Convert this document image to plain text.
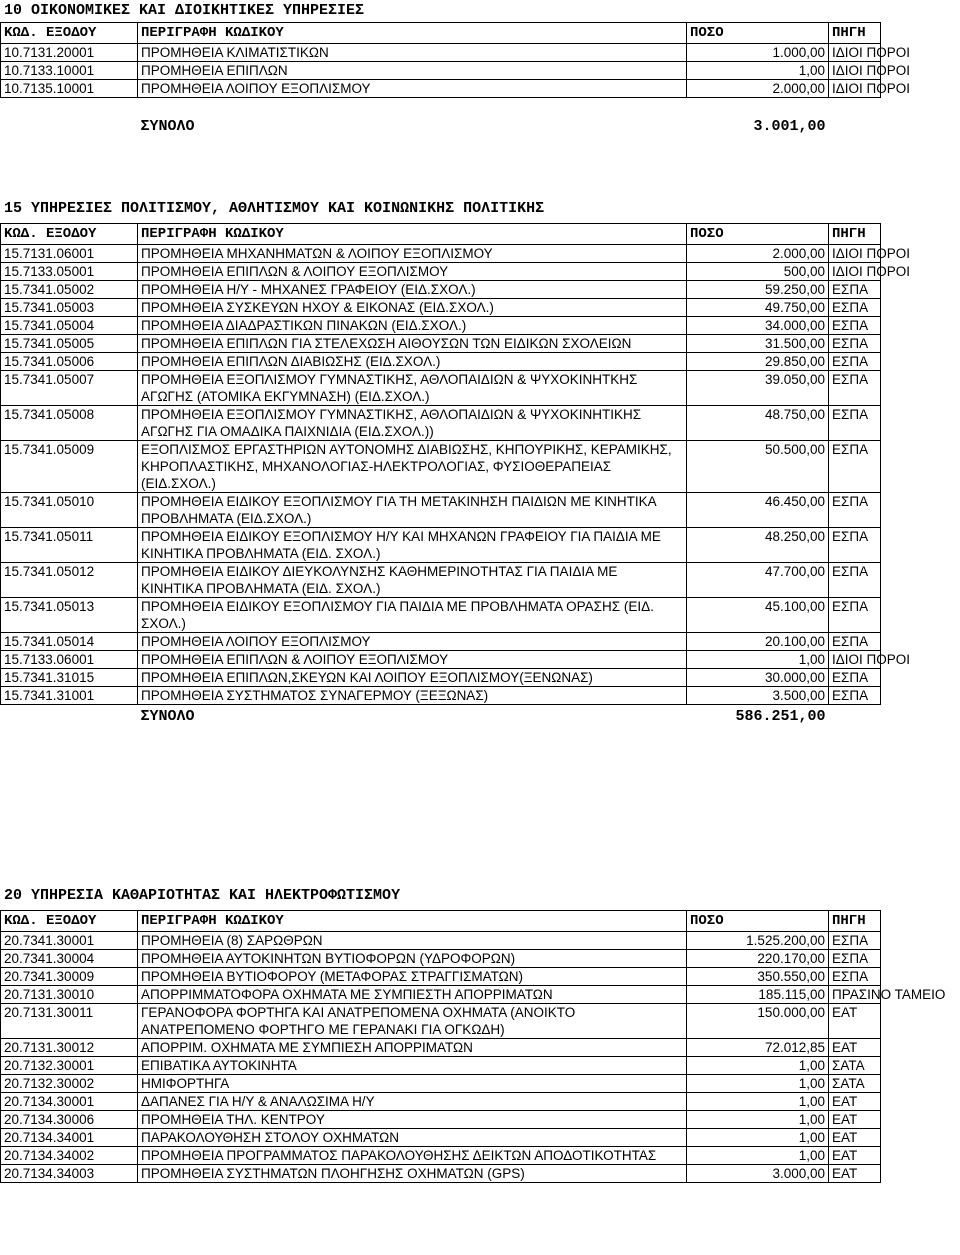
10 ΟΙΚΟΝΟΜΙΚΕΣ ΚΑΙ ΔΙΟΙΚΗΤΙΚΕΣ ΥΠΗΡΕΣΙΕΣ
ΚΩΔ. ΕΞΟΔΟΥ	ΠΕΡΙΓΡΑΦΗ ΚΩΔΙΚΟΥ	ΠΟΣΟ	ΠΗΓΗ
10.7131.20001	ΠΡΟΜΗΘΕΙΑ ΚΛΙΜΑΤΙΣΤΙΚΩΝ	1.000,00	ΙΔΙΟΙ ΠΟΡΟΙ
10.7133.10001	ΠΡΟΜΗΘΕΙΑ ΕΠΙΠΛΩΝ	1,00	ΙΔΙΟΙ ΠΟΡΟΙ
10.7135.10001	ΠΡΟΜΗΘΕΙΑ ΛΟΙΠΟΥ ΕΞΟΠΛΙΣΜΟΥ	2.000,00	ΙΔΙΟΙ ΠΟΡΟΙ

	ΣΥΝΟΛΟ	3.001,00	
15 ΥΠΗΡΕΣΙΕΣ ΠΟΛΙΤΙΣΜΟΥ, ΑΘΛΗΤΙΣΜΟΥ ΚΑΙ ΚΟΙΝΩΝΙΚΗΣ ΠΟΛΙΤΙΚΗΣ
ΚΩΔ. ΕΞΟΔΟΥ	ΠΕΡΙΓΡΑΦΗ ΚΩΔΙΚΟΥ	ΠΟΣΟ	ΠΗΓΗ
15.7131.06001	ΠΡΟΜΗΘΕΙΑ ΜΗΧΑΝΗΜΑΤΩΝ & ΛΟΙΠΟΥ ΕΞΟΠΛΙΣΜΟΥ	2.000,00	ΙΔΙΟΙ ΠΟΡΟΙ
15.7133.05001	ΠΡΟΜΗΘΕΙΑ ΕΠΙΠΛΩΝ & ΛΟΙΠΟΥ ΕΞΟΠΛΙΣΜΟΥ	500,00	ΙΔΙΟΙ ΠΟΡΟΙ
15.7341.05002	ΠΡΟΜΗΘΕΙΑ Η/Υ - ΜΗΧΑΝΕΣ ΓΡΑΦΕΙΟΥ (ΕΙΔ.ΣΧΟΛ.)	59.250,00	ΕΣΠΑ
15.7341.05003	ΠΡΟΜΗΘΕΙΑ ΣΥΣΚΕΥΩΝ ΗΧΟΥ & ΕΙΚΟΝΑΣ (ΕΙΔ.ΣΧΟΛ.)	49.750,00	ΕΣΠΑ
15.7341.05004	ΠΡΟΜΗΘΕΙΑ ΔΙΑΔΡΑΣΤΙΚΩΝ ΠΙΝΑΚΩΝ (ΕΙΔ.ΣΧΟΛ.)	34.000,00	ΕΣΠΑ
15.7341.05005	ΠΡΟΜΗΘΕΙΑ ΕΠΙΠΛΩΝ ΓΙΑ ΣΤΕΛΕΧΩΣΗ ΑΙΘΟΥΣΩΝ ΤΩΝ ΕΙΔΙΚΩΝ ΣΧΟΛΕΙΩΝ	31.500,00	ΕΣΠΑ
15.7341.05006	ΠΡΟΜΗΘΕΙΑ ΕΠΙΠΛΩΝ ΔΙΑΒΙΩΣΗΣ (ΕΙΔ.ΣΧΟΛ.)	29.850,00	ΕΣΠΑ
15.7341.05007	ΠΡΟΜΗΘΕΙΑ ΕΞΟΠΛΙΣΜΟΥ ΓΥΜΝΑΣΤΙΚΗΣ, ΑΘΛΟΠΑΙΔΙΩΝ & ΨΥΧΟΚΙΝΗΤΚΗΣ ΑΓΩΓΗΣ (ΑΤΟΜΙΚΑ ΕΚΓΥΜΝΑΣΗ) (ΕΙΔ.ΣΧΟΛ.)	39.050,00	ΕΣΠΑ
15.7341.05008	ΠΡΟΜΗΘΕΙΑ ΕΞΟΠΛΙΣΜΟΥ ΓΥΜΝΑΣΤΙΚΗΣ, ΑΘΛΟΠΑΙΔΙΩΝ & ΨΥΧΟΚΙΝΗΤΙΚΗΣ ΑΓΩΓΗΣ ΓΙΑ ΟΜΑΔΙΚΑ ΠΑΙΧΝΙΔΙΑ (ΕΙΔ.ΣΧΟΛ.))	48.750,00	ΕΣΠΑ
15.7341.05009	ΕΞΟΠΛΙΣΜΟΣ ΕΡΓΑΣΤΗΡΙΩΝ ΑΥΤΟΝΟΜΗΣ ΔΙΑΒΙΩΣΗΣ, ΚΗΠΟΥΡΙΚΗΣ, ΚΕΡΑΜΙΚΗΣ, ΚΗΡΟΠΛΑΣΤΙΚΗΣ, ΜΗΧΑΝΟΛΟΓΙΑΣ-ΗΛΕΚΤΡΟΛΟΓΙΑΣ, ΦΥΣΙΟΘΕΡΑΠΕΙΑΣ (ΕΙΔ.ΣΧΟΛ.)	50.500,00	ΕΣΠΑ
15.7341.05010	ΠΡΟΜΗΘΕΙΑ ΕΙΔΙΚΟΥ ΕΞΟΠΛΙΣΜΟΥ ΓΙΑ ΤΗ ΜΕΤΑΚΙΝΗΣΗ ΠΑΙΔΙΩΝ ΜΕ ΚΙΝΗΤΙΚΑ ΠΡΟΒΛΗΜΑΤΑ (ΕΙΔ.ΣΧΟΛ.)	46.450,00	ΕΣΠΑ
15.7341.05011	ΠΡΟΜΗΘΕΙΑ ΕΙΔΙΚΟΥ ΕΞΟΠΛΙΣΜΟΥ Η/Υ ΚΑΙ ΜΗΧΑΝΩΝ ΓΡΑΦΕΙΟΥ ΓΙΑ ΠΑΙΔΙΑ ΜΕ ΚΙΝΗΤΙΚΑ ΠΡΟΒΛΗΜΑΤΑ (ΕΙΔ. ΣΧΟΛ.)	48.250,00	ΕΣΠΑ
15.7341.05012	ΠΡΟΜΗΘΕΙΑ ΕΙΔΙΚΟΥ ΔΙΕΥΚΟΛΥΝΣΗΣ ΚΑΘΗΜΕΡΙΝΟΤΗΤΑΣ ΓΙΑ ΠΑΙΔΙΑ ΜΕ ΚΙΝΗΤΙΚΑ ΠΡΟΒΛΗΜΑΤΑ (ΕΙΔ. ΣΧΟΛ.)	47.700,00	ΕΣΠΑ
15.7341.05013	ΠΡΟΜΗΘΕΙΑ ΕΙΔΙΚΟΥ ΕΞΟΠΛΙΣΜΟΥ ΓΙΑ ΠΑΙΔΙΑ ΜΕ ΠΡΟΒΛΗΜΑΤΑ ΟΡΑΣΗΣ (ΕΙΔ. ΣΧΟΛ.)	45.100,00	ΕΣΠΑ
15.7341.05014	ΠΡΟΜΗΘΕΙΑ ΛΟΙΠΟΥ ΕΞΟΠΛΙΣΜΟΥ	20.100,00	ΕΣΠΑ
15.7133.06001	ΠΡΟΜΗΘΕΙΑ ΕΠΙΠΛΩΝ & ΛΟΙΠΟΥ ΕΞΟΠΛΙΣΜΟΥ	1,00	ΙΔΙΟΙ ΠΟΡΟΙ
15.7341.31015	ΠΡΟΜΗΘΕΙΑ ΕΠΙΠΛΩΝ,ΣΚΕΥΩΝ ΚΑΙ ΛΟΙΠΟΥ ΕΞΟΠΛΙΣΜΟΥ(ΞΕΝΩΝΑΣ)	30.000,00	ΕΣΠΑ
15.7341.31001	ΠΡΟΜΗΘΕΙΑ ΣΥΣΤΗΜΑΤΟΣ ΣΥΝΑΓΕΡΜΟΥ (ΞΕΞΩΝΑΣ)	3.500,00	ΕΣΠΑ
	ΣΥΝΟΛΟ	586.251,00	
20 ΥΠΗΡΕΣΙΑ ΚΑΘΑΡΙΟΤΗΤΑΣ ΚΑΙ ΗΛΕΚΤΡΟΦΩΤΙΣΜΟΥ
ΚΩΔ. ΕΞΟΔΟΥ	ΠΕΡΙΓΡΑΦΗ ΚΩΔΙΚΟΥ	ΠΟΣΟ	ΠΗΓΗ
20.7341.30001	ΠΡΟΜΗΘΕΙΑ (8) ΣΑΡΩΘΡΩΝ	1.525.200,00	ΕΣΠΑ
20.7341.30004	ΠΡΟΜΗΘΕΙΑ ΑΥΤΟΚΙΝΗΤΩΝ ΒΥΤΙΟΦΟΡΩΝ (ΥΔΡΟΦΟΡΩΝ)	220.170,00	ΕΣΠΑ
20.7341.30009	ΠΡΟΜΗΘΕΙΑ ΒΥΤΙΟΦΟΡΟΥ (ΜΕΤΑΦΟΡΑΣ ΣΤΡΑΓΓΙΣΜΑΤΩΝ)	350.550,00	ΕΣΠΑ
20.7131.30010	ΑΠΟΡΡΙΜΜΑΤΟΦΟΡΑ ΟΧΗΜΑΤΑ ΜΕ ΣΥΜΠΙΕΣΤΗ ΑΠΟΡΡΙΜΑΤΩΝ	185.115,00	ΠΡΑΣΙΝΟ ΤΑΜΕΙΟ
20.7131.30011	ΓΕΡΑΝΟΦΟΡΑ ΦΟΡΤΗΓΑ ΚΑΙ ΑΝΑΤΡΕΠΟΜΕΝΑ ΟΧΗΜΑΤΑ (ΑΝΟΙΚΤΟ ΑΝΑΤΡΕΠΟΜΕΝΟ ΦΟΡΤΗΓΟ ΜΕ ΓΕΡΑΝΑΚΙ ΓΙΑ ΟΓΚΩΔΗ)	150.000,00	ΕΑΤ
20.7131.30012	ΑΠΟΡΡΙΜ. ΟΧΗΜΑΤΑ ΜΕ ΣΥΜΠΙΕΣΗ ΑΠΟΡΡΙΜΑΤΩΝ	72.012,85	ΕΑΤ
20.7132.30001	ΕΠΙΒΑΤΙΚΑ ΑΥΤΟΚΙΝΗΤΑ	1,00	ΣΑΤΑ
20.7132.30002	ΗΜΙΦΟΡΤΗΓΑ	1,00	ΣΑΤΑ
20.7134.30001	ΔΑΠΑΝΕΣ ΓΙΑ Η/Υ & ΑΝΑΛΩΣΙΜΑ Η/Υ	1,00	ΕΑΤ
20.7134.30006	ΠΡΟΜΗΘΕΙΑ ΤΗΛ. ΚΕΝΤΡΟΥ	1,00	ΕΑΤ
20.7134.34001	ΠΑΡΑΚΟΛΟΥΘΗΣΗ ΣΤΟΛΟΥ ΟΧΗΜΑΤΩΝ	1,00	ΕΑΤ
20.7134.34002	ΠΡΟΜΗΘΕΙΑ ΠΡΟΓΡΑΜΜΑΤΟΣ ΠΑΡΑΚΟΛΟΥΘΗΣΗΣ ΔΕΙΚΤΩΝ ΑΠΟΔΟΤΙΚΟΤΗΤΑΣ	1,00	ΕΑΤ
20.7134.34003	ΠΡΟΜΗΘΕΙΑ ΣΥΣΤΗΜΑΤΩΝ ΠΛΟΗΓΗΣΗΣ ΟΧΗΜΑΤΩΝ (GPS)	3.000,00	ΕΑΤ
